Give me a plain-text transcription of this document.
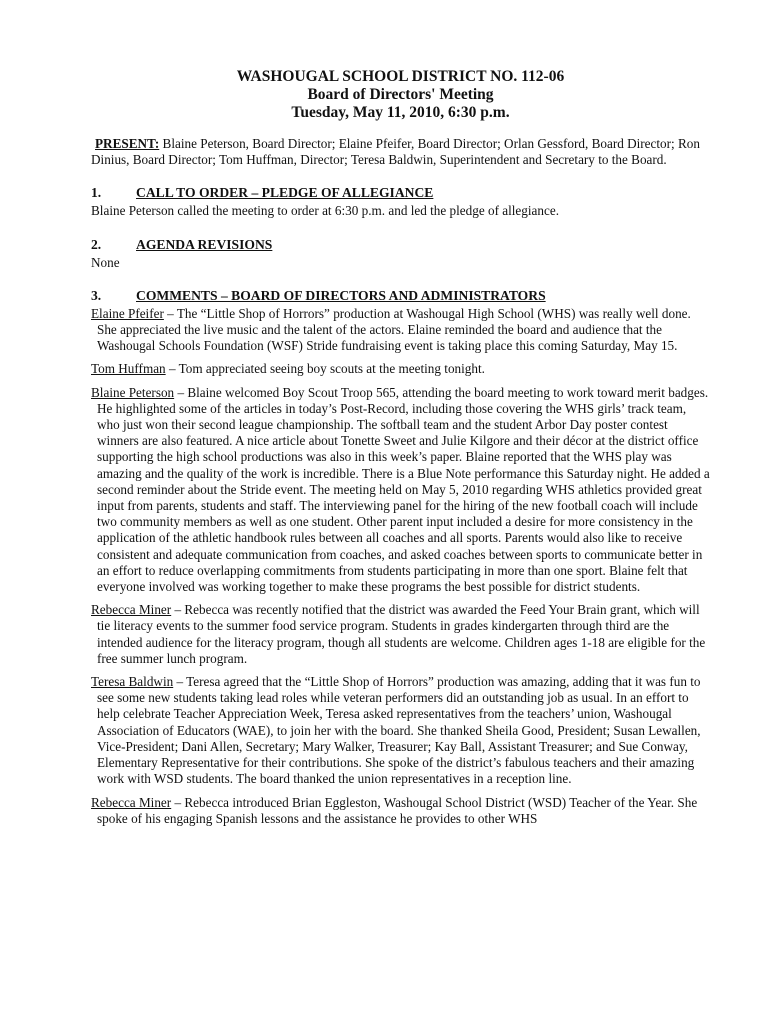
WASHOUGAL SCHOOL DISTRICT NO. 112-06

Board of Directors' Meeting

Tuesday, May 11, 2010, 6:30 p.m.

PRESENT: Blaine Peterson, Board Director; Elaine Pfeifer, Board Director; Orlan Gessford, Board Director; Ron Dinius, Board Director; Tom Huffman, Director; Teresa Baldwin, Superintendent and Secretary to the Board.
1.	CALL TO ORDER – PLEDGE OF ALLEGIANCE
Blaine Peterson called the meeting to order at 6:30 p.m. and led the pledge of allegiance.
2.	AGENDA REVISIONS
None
3.	COMMENTS – BOARD OF DIRECTORS AND ADMINISTRATORS
Elaine Pfeifer – The “Little Shop of Horrors” production at Washougal High School (WHS) was really well done. She appreciated the live music and the talent of the actors. Elaine reminded the board and audience that the Washougal Schools Foundation (WSF) Stride fundraising event is taking place this coming Saturday, May 15.
Tom Huffman – Tom appreciated seeing boy scouts at the meeting tonight.
Blaine Peterson – Blaine welcomed Boy Scout Troop 565, attending the board meeting to work toward merit badges. He highlighted some of the articles in today’s Post-Record, including those covering the WHS girls’ track team, who just won their second league championship. The softball team and the student Arbor Day poster contest winners are also featured. A nice article about Tonette Sweet and Julie Kilgore and their décor at the district office supporting the high school productions was also in this week’s paper. Blaine reported that the WHS play was amazing and the quality of the work is incredible. There is a Blue Note performance this Saturday night. He added a second reminder about the Stride event. The meeting held on May 5, 2010 regarding WHS athletics provided great input from parents, students and staff. The interviewing panel for the hiring of the new football coach will include two community members as well as one student. Other parent input included a desire for more consistency in the application of the athletic handbook rules between all coaches and all sports. Parents would also like to receive consistent and adequate communication from coaches, and asked coaches between sports to communicate better in an effort to reduce overlapping commitments from students participating in more than one sport. Blaine felt that everyone involved was working together to make these programs the best possible for district students.
Rebecca Miner – Rebecca was recently notified that the district was awarded the Feed Your Brain grant, which will tie literacy events to the summer food service program. Students in grades kindergarten through third are the intended audience for the literacy program, though all students are welcome. Children ages 1-18 are eligible for the free summer lunch program.
Teresa Baldwin – Teresa agreed that the “Little Shop of Horrors” production was amazing, adding that it was fun to see some new students taking lead roles while veteran performers did an outstanding job as usual. In an effort to help celebrate Teacher Appreciation Week, Teresa asked representatives from the teachers’ union, Washougal Association of Educators (WAE), to join her with the board. She thanked Sheila Good, President; Susan Lewallen, Vice-President; Dani Allen, Secretary; Mary Walker, Treasurer; Kay Ball, Assistant Treasurer; and Sue Conway, Elementary Representative for their contributions. She spoke of the district’s fabulous teachers and their amazing work with WSD students. The board thanked the union representatives in a reception line.
Rebecca Miner – Rebecca introduced Brian Eggleston, Washougal School District (WSD) Teacher of the Year. She spoke of his engaging Spanish lessons and the assistance he provides to other WHS
